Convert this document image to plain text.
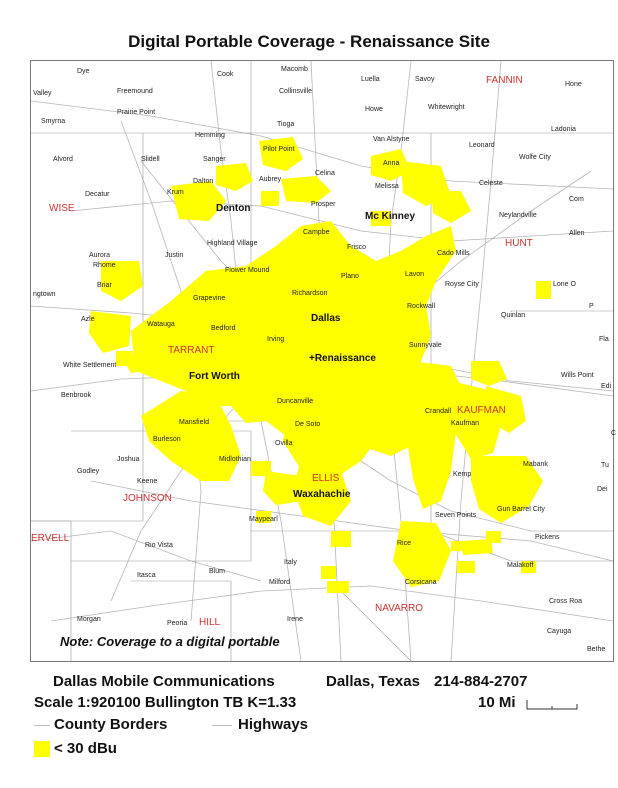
Digital Portable Coverage - Renaissance Site
FANNIN
WISE
HUNT
TARRANT
KAUFMAN
ELLIS
JOHNSON
ERVELL
HILL
NAVARRO
Denton
Mc Kinney
Dallas
Fort Worth
Waxahachie
+Renaissance
Dye	Cook
Macomb
Luella	Savoy
Hone
Valley	Freemound	Collinsville
Howe	Whitewright
Smyrna
Prairie Point
Tioga
Ladonia
Hemming
Van Alstyne
Leonard
Wolfe City
Alvord	Slidell	Sanger
Pilot Point
Anna
Dalton	Aubrey
Celina
Melissa	Celeste
Decatur	Krum
Prosper
Com
Neylandville
Campbe
Frisco
Allen
Highland Village
Aurora	Justin
Rhome
Cado Mills
Flower Mound
Plano	Lavon
Briar	Royse City	Lone O
ngtown
Grapevine
Richardson
Azle
Watauga
Rockwall
Quinlan
P
Bedford
Irving	Fla
Sunnyvale
White Settlement
Wills Point
Edi
Benbrook
Duncanville
Crandall
Mansfield	De Soto	Kaufman
Burleson
C
Ovilla
Joshua	Midlothian
Tu
Godley
Keene
Kemp
Mabank
Dei
Seven Points
Gun Barrel City
Maypearl
Pickens
Rice
Rio Vista
Italy	Malakoff
Itasca
Blum
Milford	Corsicana
Cross Roa
Morgan
Peoria
Irene
Cayuga
Bethe
Note: Coverage to a digital portable
Dallas Mobile Communications	Dallas, Texas 214-884-2707
Scale 1:920100 Bullington TB K=1.33	10 Mi
County Borders	Highways
< 30 dBu
